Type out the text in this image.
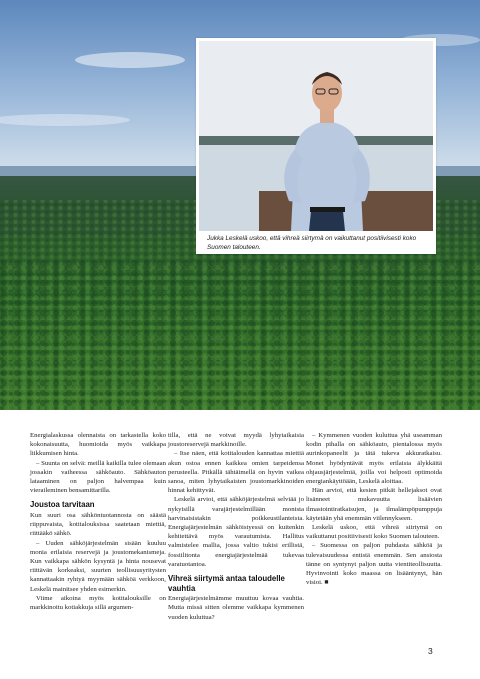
Jukka Leskelä uskoo, että vihreä siirtymä on vaikuttanut positiivisesti koko Suomen talouteen.

Energialaskussa olennaista on tarkastella koko kokonaisuutta, huomioida myös vaikkapa liikkumisen hinta.

– Suunta on selvä: meillä kaikilla tulee olemaan jossakin vaiheessa sähköauto. Sähköauton lataaminen on paljon halvempaa kuin vieraileminen bensamittarilla.

Joustoa tarvitaan

Kun suuri osa sähköntuotannosta on säästä riippuvaista, kotitalouksissa saatetaan miettiä, riittääkö sähkö.

– Uuden sähköjärjestelmän sisään kuuluu monia erilaisia reservejä ja joustomekanismeja. Kun vaikkapa sähkön kysyntä ja hinta nousevat riittävän korkeaksi, suurten teollisuusyritysten kannattaakin ryhtyä myymään sähköä verkkoon, Leskelä mainitsee yhden esimerkin.

Viime aikoina myös kotitalouksille on markkinoitu kotiakkuja sillä argumen-

tilla, että ne voivat myydä lyhytaikaisia joustoreservejä markkinoille.

– Itse näen, että kotitalouden kannattaa miettiä akun ostoa ennen kaikkea omien tarpeidensa perusteella. Pitkällä tähtäimellä on hyvin vaikea sanoa, miten lyhytaikaisten joustomarkkinoiden hinnat kehittyvät.

Leskelä arvioi, että sähköjärjestelmä selviää jo nykyisillä varajärjestelmillään monista harvinaisistakin poikkeustilanteista. Energiajärjestelmän sähköistyessä on kuitenkin kehitettävä myös varautumista. Hallitus valmistelee mallia, jossa valtio tukisi erillistä, fossiilitonta energiajärjestelmää tukevaa varatuotantoa.

Vihreä siirtymä antaa taloudelle vauhtia

Energiajärjestelmämme muuttuu kovaa vauhtia. Mutta missä sitten olemme vaikkapa kymmenen vuoden kuluttua?

– Kymmenen vuoden kuluttua yhä useamman kodin pihalla on sähköauto, pientalossa myös aurinkopaneelit ja tätä tukeva akkuratkaisu. Monet hyödyntävät myös erilaisia älykkäitä ohjausjärjestelmiä, joilla voi helposti optimoida energiankäyttöään, Leskelä aloittaa.

Hän arvioi, että kesien pitkät hellejaksot ovat lisänneet mukavuutta lisäävien ilmastointiratkaisujen, ja ilmalämpöpumppuja käytetään yhä enemmän viilennykseen.

Leskelä uskoo, että vihreä siirtymä on vaikuttanut positiivisesti koko Suomen talouteen.

– Suomessa on paljon puhdasta sähköä ja tulevaisuudessa entistä enemmän. Sen ansiosta tänne on syntynyt paljon uutta vientiteollisuutta. Hyvinvointi koko maassa on lisääntynyt, hän visioi. ■

3
